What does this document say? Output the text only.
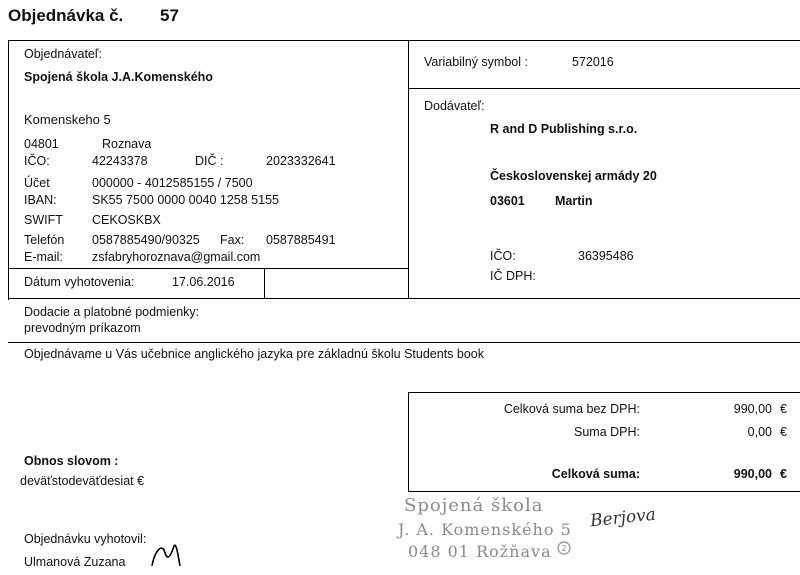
Objednávka č. 57
Objednávateľ:
Spojená škola J.A.Komenského
Komenskeho 5
04801	Roznava
IČO:	42243378	DIČ :	2023332641
Účet	000000 - 4012585155 / 7500
IBAN:	SK55 7500 0000 0040 1258 5155
SWIFT CEKOSKBX
Telefón 0587885490/90325 Fax: 0587885491
E-mail: zsfabryhoroznava@gmail.com
Dátum vyhotovenia:	17.06.2016
Variabilný symbol :	572016
Dodávateľ:
R and D Publishing s.r.o.
Československej armády 20
03601 Martin
IČO:	36395486
IČ DPH:
Dodacie a platobné podmienky:
prevodným príkazom
Objednávame u Vás učebnice anglického jazyka pre základnú školu Students book
Celková suma bez DPH:	990,00 €
Suma DPH:	0,00 €
Celková suma:	990,00 €
Obnos slovom :
deväťstodeväťdesiat €
Objednávku vyhotovil:
Ulmanová Zuzana
Spojená škola
J. A. Komenského 5
048 01 Rožňava 2
Berjova
